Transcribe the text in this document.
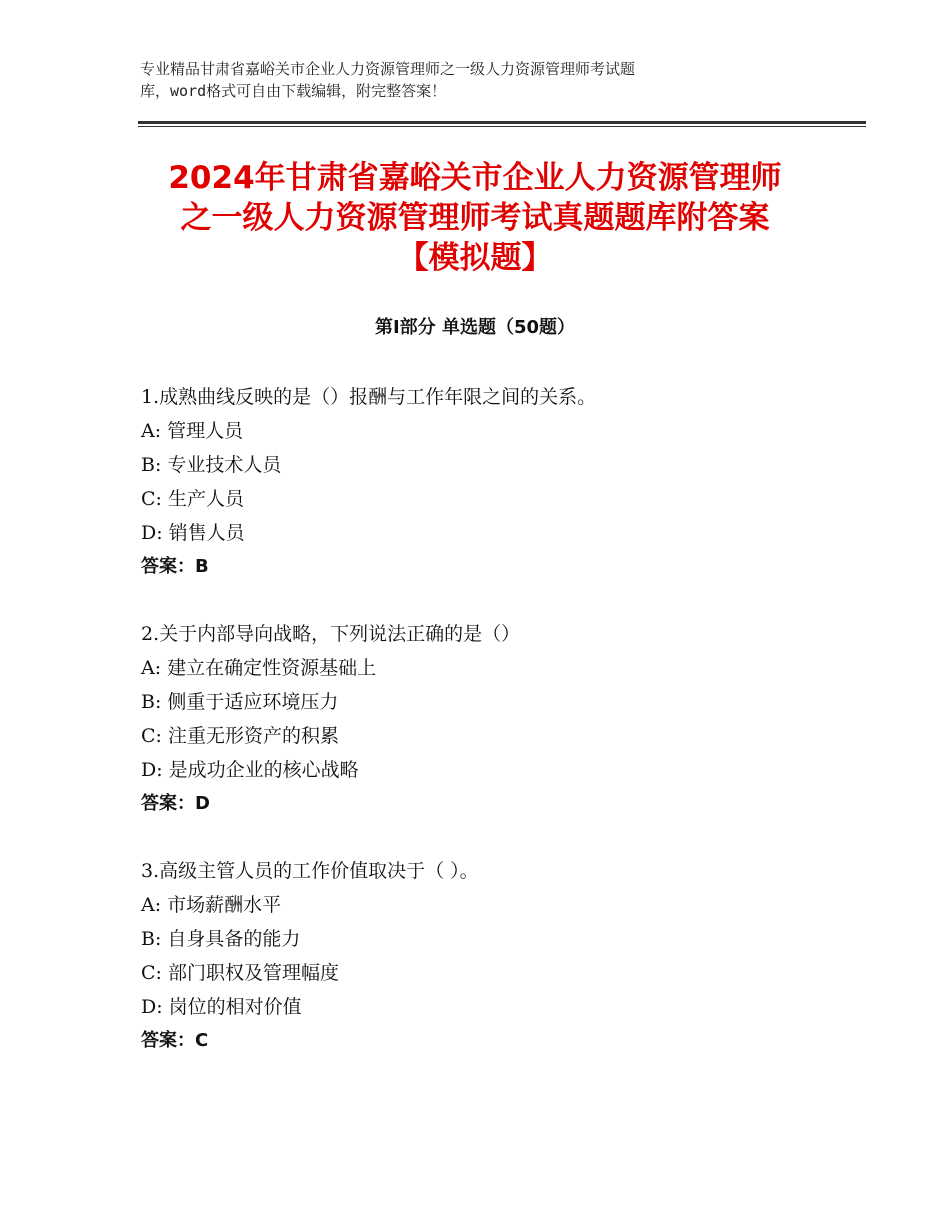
专业精品甘肃省嘉峪关市企业人力资源管理师之一级人力资源管理师考试题
库，word格式可自由下载编辑，附完整答案！
2024年甘肃省嘉峪关市企业人力资源管理师
之一级人力资源管理师考试真题题库附答案
【模拟题】
第Ⅰ部分 单选题（50题）
1.成熟曲线反映的是（）报酬与工作年限之间的关系。
A: 管理人员
B: 专业技术人员
C: 生产人员
D: 销售人员
答案：B
2.关于内部导向战略，下列说法正确的是（）
A: 建立在确定性资源基础上
B: 侧重于适应环境压力
C: 注重无形资产的积累
D: 是成功企业的核心战略
答案：D
3.高级主管人员的工作价值取决于（ ）。
A: 市场薪酬水平
B: 自身具备的能力
C: 部门职权及管理幅度
D: 岗位的相对价值
答案：C
